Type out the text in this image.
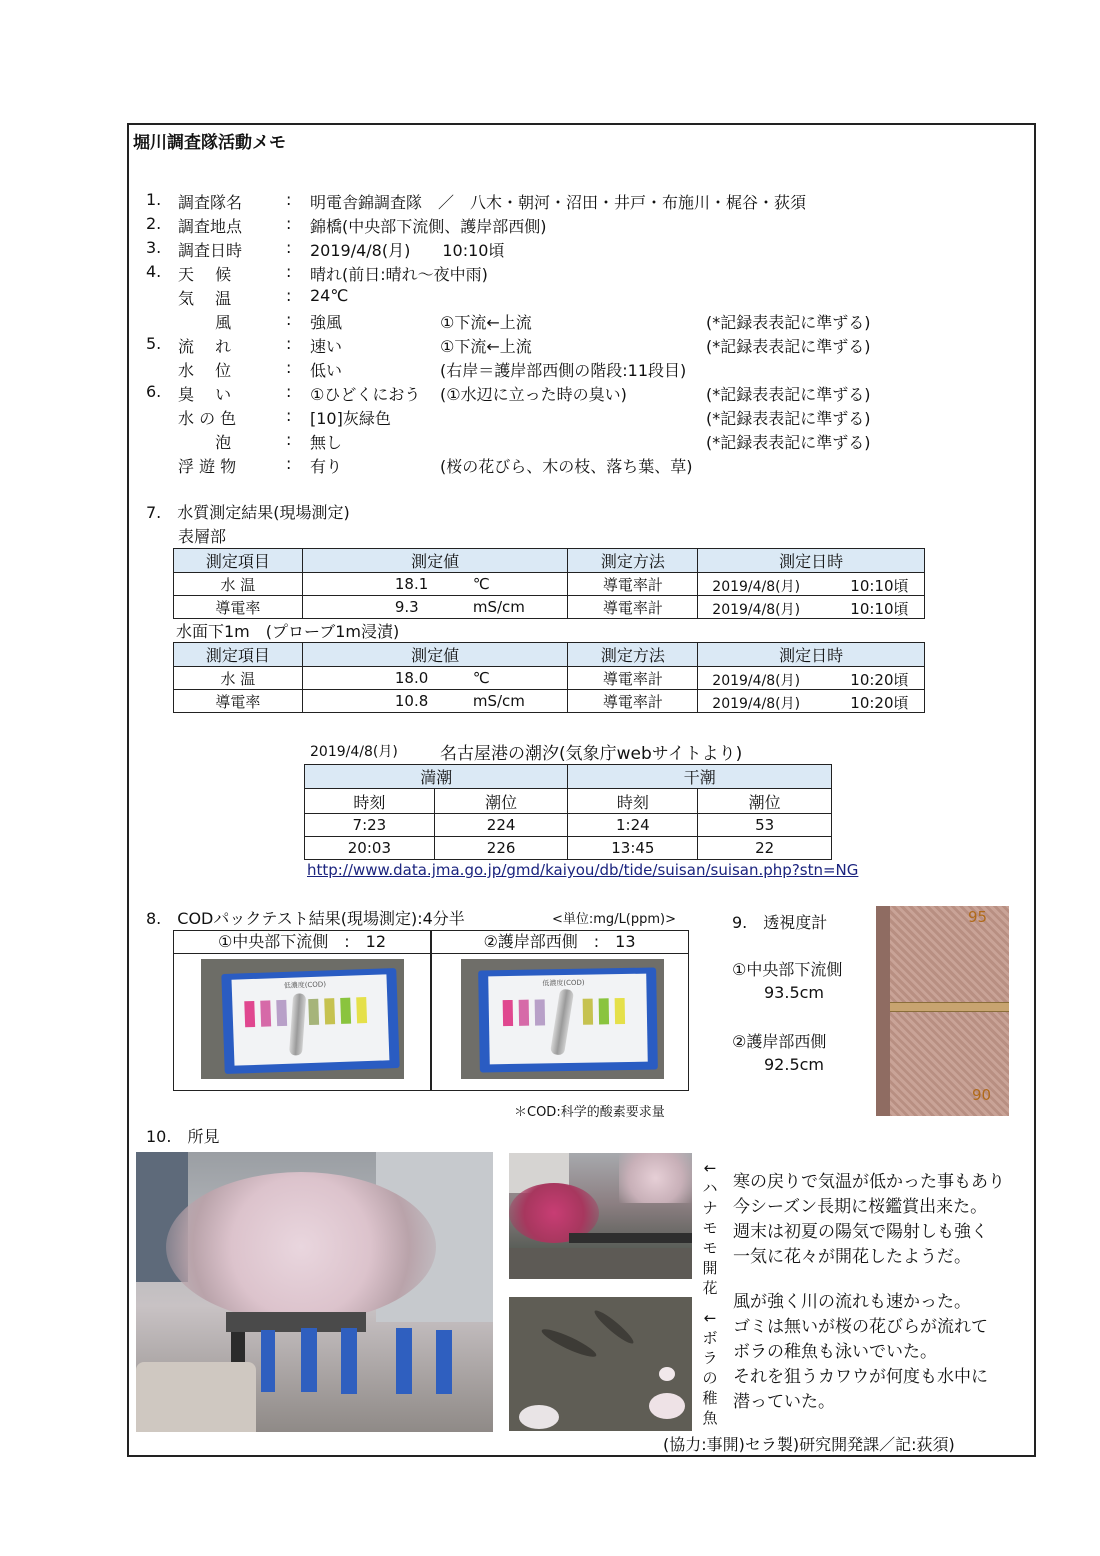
堀川調査隊活動メモ
1. 調査隊名	: 明電舎錦調査隊　／　八木・朝河・沼田・井戸・布施川・梶谷・荻須
2. 調査地点	: 錦橋(中央部下流側、護岸部西側)
3. 調査日時	: 2019/4/8(月)　　10:10頃
4. 天　 候	: 晴れ(前日:晴れ～夜中雨)
気　 温	: 24℃
　　 風	: 強風	①下流←上流	(*記録表表記に準ずる)
5. 流　 れ	: 速い	①下流←上流	(*記録表表記に準ずる)
水　 位	: 低い	(右岸＝護岸部西側の階段:11段目)
6. 臭　 い	: ①ひどくにおう (①水辺に立った時の臭い)	(*記録表表記に準ずる)
水 の 色	: [10]灰緑色	(*記録表表記に準ずる)
　　 泡	: 無し	(*記録表表記に準ずる)
浮 遊 物	: 有り	(桜の花びら、木の枝、落ち葉、草)
7.　水質測定結果(現場測定)
表層部
測定項目	測定値	測定方法	測定日時
水 温	18.1 ℃	導電率計	2019/4/8(月) 10:10頃

導電率	9.3 mS/cm	導電率計	2019/4/8(月) 10:10頃
水面下1m　(プローブ1m浸漬)
測定項目	測定値	測定方法	測定日時
水 温	18.0 ℃	導電率計	2019/4/8(月) 10:20頃

導電率	10.8 mS/cm	導電率計	2019/4/8(月) 10:20頃
2019/4/8(月) 名古屋港の潮汐(気象庁webサイトより)
満潮		干潮	
時刻	潮位	時刻	潮位
7:23	224	1:24	53
20:03	226	13:45	22
http://www.data.jma.go.jp/gmd/kaiyou/db/tide/suisan/suisan.php?stn=NG
8.　CODパックテスト結果(現場測定):4分半	<単位:mg/L(ppm)>
①中央部下流側　:　12	②護岸部西側　:　13
低濃度(COD)	低濃度(COD)
＊COD:科学的酸素要求量
9.　透視度計
①中央部下流側
93.5cm
②護岸部西側
92.5cm
95
90
10.　所見
←ハナモモ開花
←ボラの稚魚
寒の戻りで気温が低かった事もあり
今シーズン長期に桜鑑賞出来た。
週末は初夏の陽気で陽射しも強く
一気に花々が開花したようだ。
風が強く川の流れも速かった。
ゴミは無いが桜の花びらが流れて
ボラの稚魚も泳いでいた。
それを狙うカワウが何度も水中に
潜っていた。
(協力:事開)セラ製)研究開発課／記:荻須)
